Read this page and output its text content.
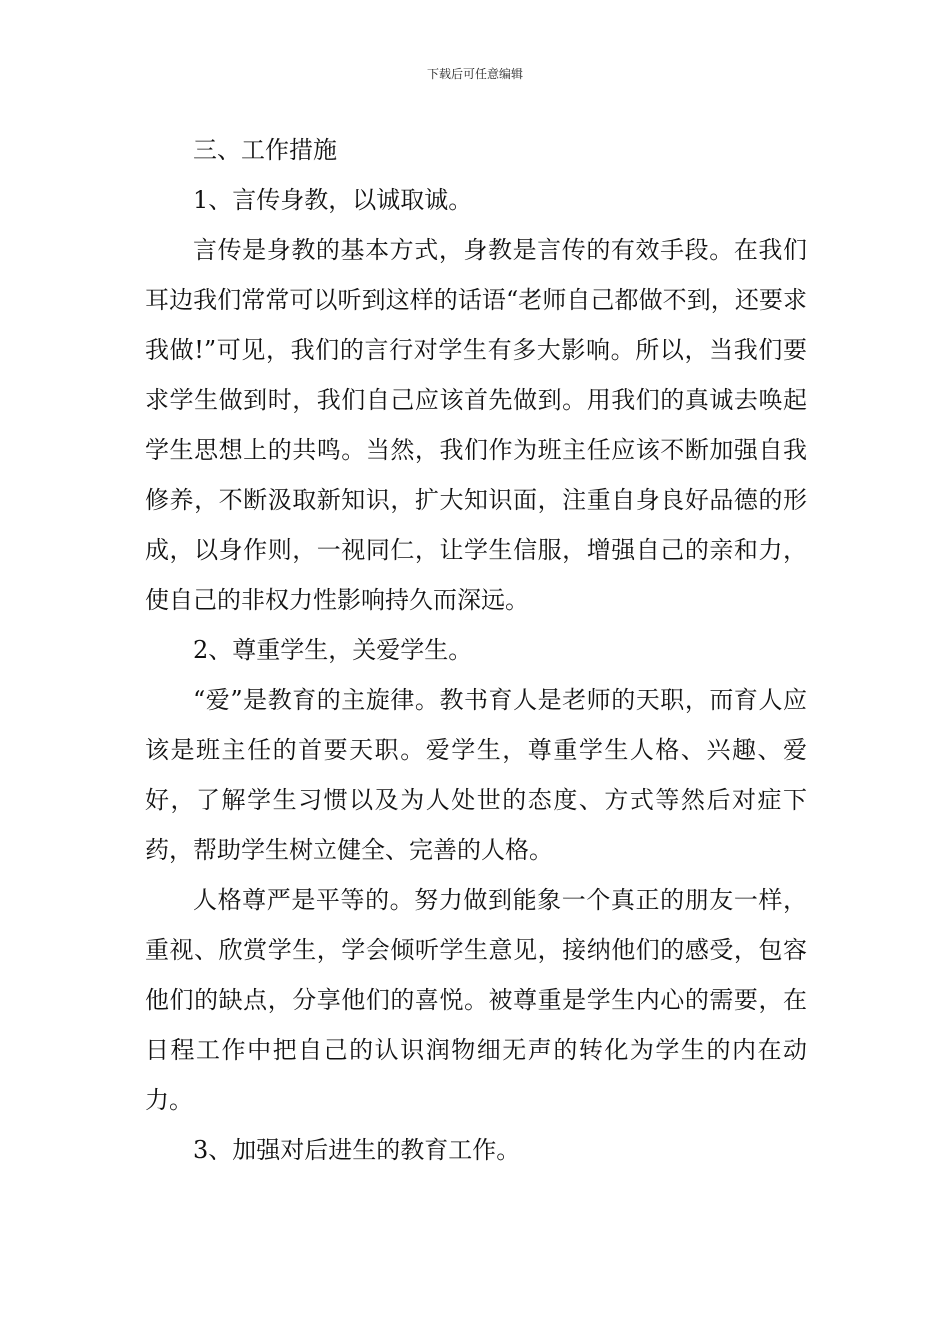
下载后可任意编辑

三、工作措施

1、言传身教，以诚取诚。

言传是身教的基本方式，身教是言传的有效手段。在我们耳边我们常常可以听到这样的话语“老师自己都做不到，还要求我做!”可见，我们的言行对学生有多大影响。所以，当我们要求学生做到时，我们自己应该首先做到。用我们的真诚去唤起学生思想上的共鸣。当然，我们作为班主任应该不断加强自我修养，不断汲取新知识，扩大知识面，注重自身良好品德的形成，以身作则，一视同仁，让学生信服，增强自己的亲和力，使自己的非权力性影响持久而深远。

2、尊重学生，关爱学生。

“爱”是教育的主旋律。教书育人是老师的天职，而育人应该是班主任的首要天职。爱学生，尊重学生人格、兴趣、爱好，了解学生习惯以及为人处世的态度、方式等然后对症下药，帮助学生树立健全、完善的人格。

人格尊严是平等的。努力做到能象一个真正的朋友一样，重视、欣赏学生，学会倾听学生意见，接纳他们的感受，包容他们的缺点，分享他们的喜悦。被尊重是学生内心的需要，在日程工作中把自己的认识润物细无声的转化为学生的内在动力。

3、加强对后进生的教育工作。
